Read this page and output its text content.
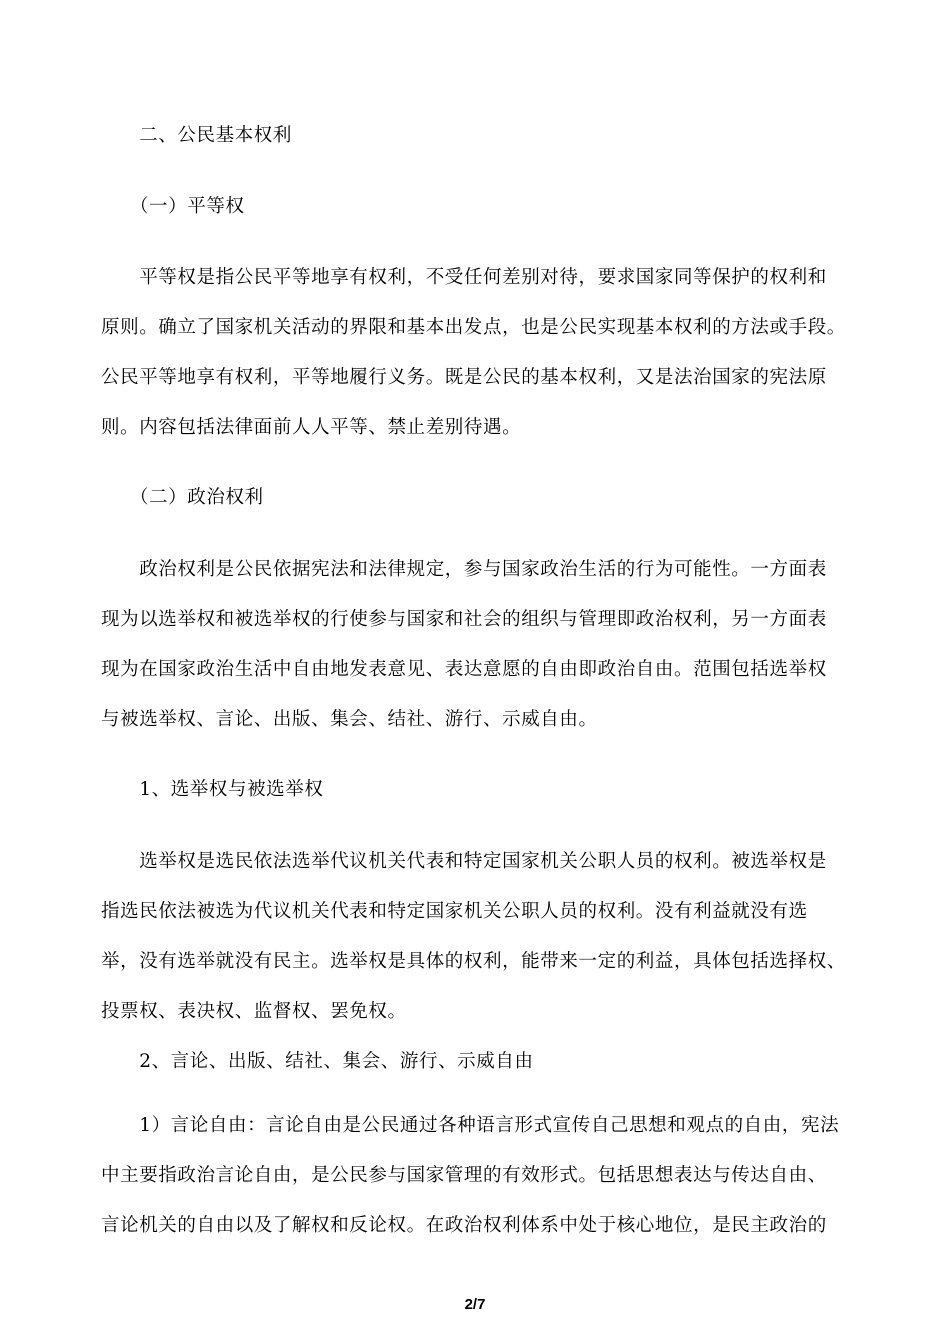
　　二、公民基本权利
　　（一）平等权
　　平等权是指公民平等地享有权利，不受任何差别对待，要求国家同等保护的权利和
原则。确立了国家机关活动的界限和基本出发点，也是公民实现基本权利的方法或手段。
公民平等地享有权利，平等地履行义务。既是公民的基本权利，又是法治国家的宪法原
则。内容包括法律面前人人平等、禁止差别待遇。
　　（二）政治权利
　　政治权利是公民依据宪法和法律规定，参与国家政治生活的行为可能性。一方面表
现为以选举权和被选举权的行使参与国家和社会的组织与管理即政治权利，另一方面表
现为在国家政治生活中自由地发表意见、表达意愿的自由即政治自由。范围包括选举权
与被选举权、言论、出版、集会、结社、游行、示威自由。
　　1、选举权与被选举权
　　选举权是选民依法选举代议机关代表和特定国家机关公职人员的权利。被选举权是
指选民依法被选为代议机关代表和特定国家机关公职人员的权利。没有利益就没有选
举，没有选举就没有民主。选举权是具体的权利，能带来一定的利益，具体包括选择权、
投票权、表决权、监督权、罢免权。
　　2、言论、出版、结社、集会、游行、示威自由
　　1）言论自由：言论自由是公民通过各种语言形式宣传自己思想和观点的自由，宪法
中主要指政治言论自由，是公民参与国家管理的有效形式。包括思想表达与传达自由、
言论机关的自由以及了解权和反论权。在政治权利体系中处于核心地位，是民主政治的
2/7
